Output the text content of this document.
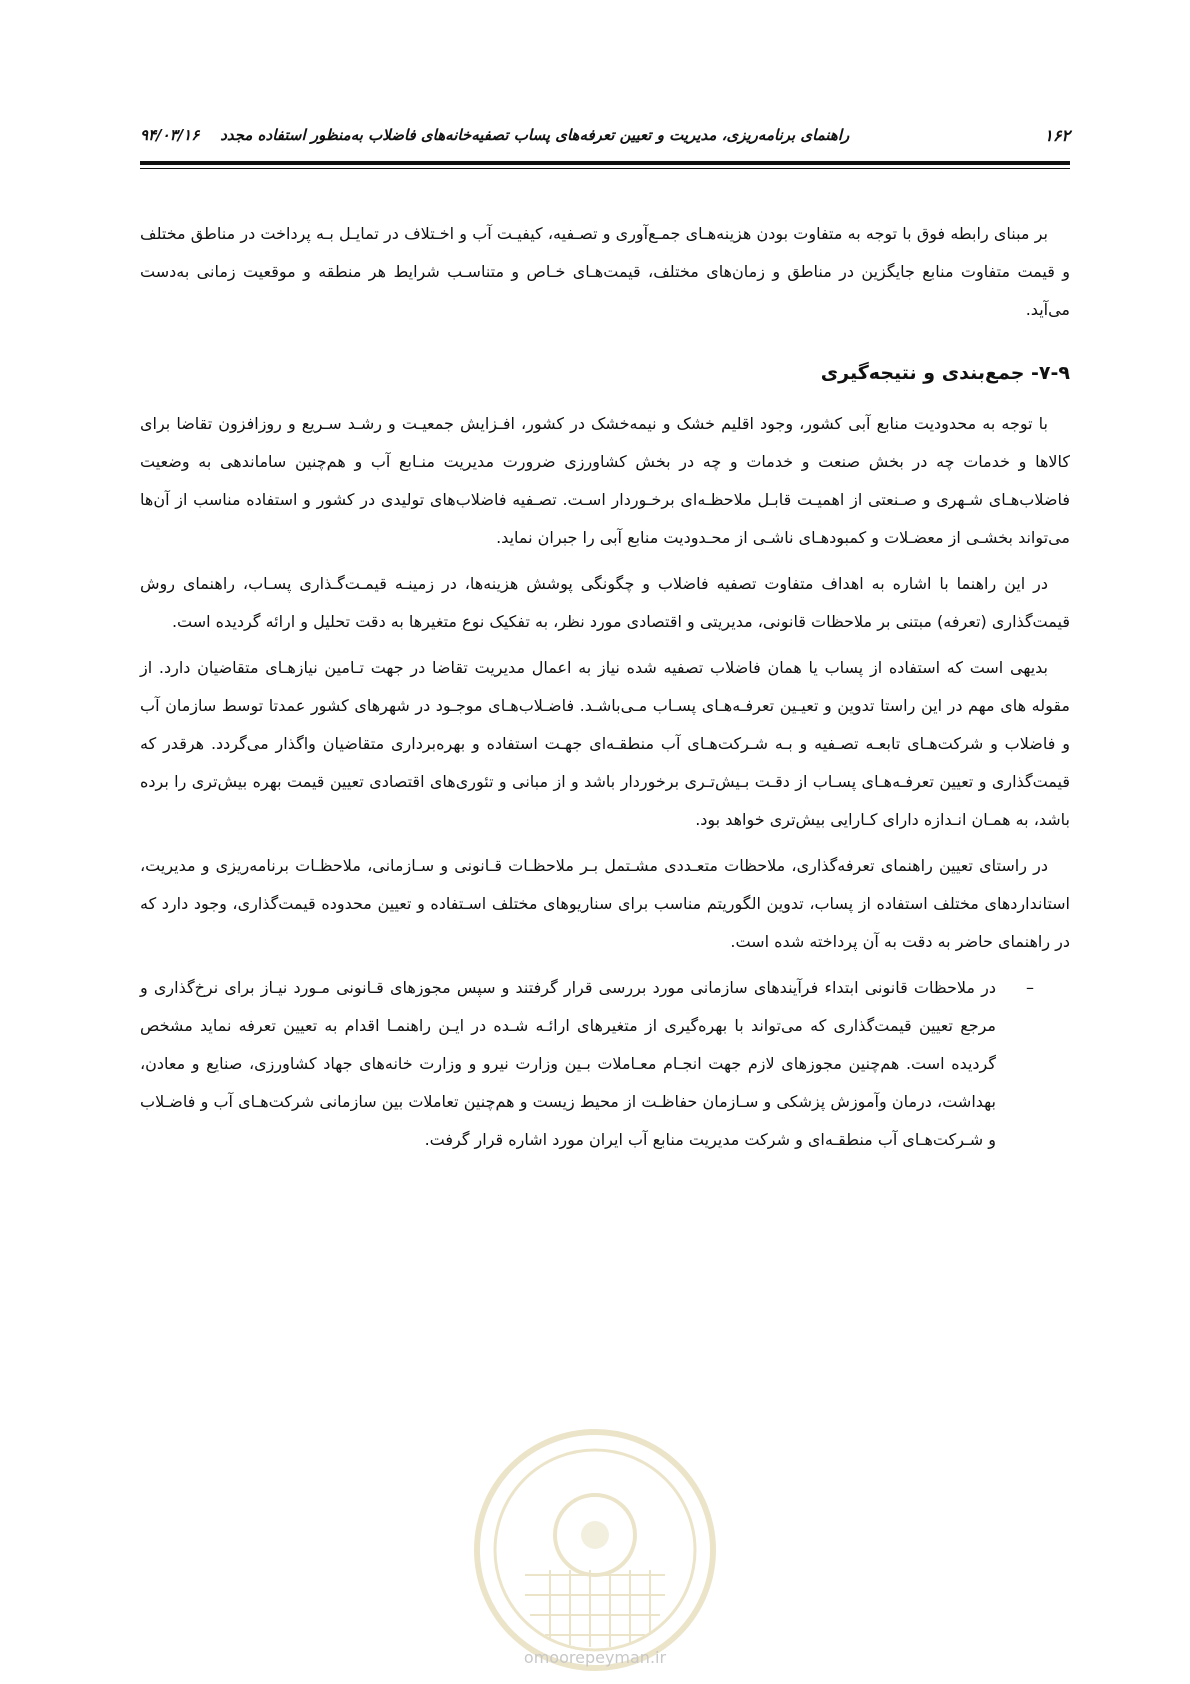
۱۶۲
راهنمای برنامه‌ریزی، مدیریت و تعیین تعرفه‌های پساب تصفیه‌خانه‌های فاضلاب به‌منظور استفاده مجدد    ۹۴/۰۳/۱۶

بر مبنای رابطه فوق با توجه به متفاوت بودن هزینه‌هـای جمـع‌آوری و تصـفیه، کیفیـت آب و اخـتلاف در تمایـل بـه پرداخت در مناطق مختلف و قیمت متفاوت منابع جایگزین در مناطق و زمان‌های مختلف، قیمت‌هـای خـاص و متناسـب شرایط هر منطقه و موقعیت زمانی به‌دست می‌آید.

۷-۹- جمع‌بندی و نتیجه‌گیری

با توجه به محدودیت منابع آبی کشور، وجود اقلیم خشک و نیمه‌خشک در کشور، افـزایش جمعیـت و رشـد سـریع و روزافزون تقاضا برای کالاها و خدمات چه در بخش صنعت و خدمات و چه در بخش کشاورزی ضرورت مدیریت منـابع آب و هم‌چنین ساماندهی به وضعیت فاضلاب‌هـای شـهری و صـنعتی از اهمیـت قابـل ملاحظـه‌ای برخـوردار اسـت. تصـفیه فاضلاب‌های تولیدی در کشور و استفاده مناسب از آن‌ها می‌تواند بخشـی از معضـلات و کمبودهـای ناشـی از محـدودیت منابع آبی را جبران نماید.

در این راهنما با اشاره به اهداف متفاوت تصفیه فاضلاب و چگونگی پوشش هزینه‌ها، در زمینـه قیمـت‌گـذاری پسـاب، راهنمای روش قیمت‌گذاری (تعرفه) مبتنی بر ملاحظات قانونی، مدیریتی و اقتصادی مورد نظر، به تفکیک نوع متغیرها به دقت تحلیل و ارائه گردیده است.

بدیهی است که استفاده از پساب یا همان فاضلاب تصفیه شده نیاز به اعمال مدیریت تقاضا در جهت تـامین نیازهـای متقاضیان دارد. از مقوله های مهم در این راستا تدوین و تعیـین تعرفـه‌هـای پسـاب مـی‌باشـد. فاضـلاب‌هـای موجـود در شهرهای کشور عمدتا توسط سازمان آب و فاضلاب و شرکت‌هـای تابعـه تصـفیه و بـه شـرکت‌هـای آب منطقـه‌ای جهـت استفاده و بهره‌برداری متقاضیان واگذار می‌گردد. هرقدر که قیمت‌گذاری و تعیین تعرفـه‌هـای پسـاب از دقـت بـیش‌تـری برخوردار باشد و از مبانی و تئوری‌های اقتصادی تعیین قیمت بهره بیش‌تری را برده باشد، به همـان انـدازه دارای کـارایی بیش‌تری خواهد بود.

در راستای تعیین راهنمای تعرفه‌گذاری، ملاحظات متعـددی مشـتمل بـر ملاحظـات قـانونی و سـازمانی، ملاحظـات برنامه‌ریزی و مدیریت، استانداردهای مختلف استفاده از پساب، تدوین الگوریتم مناسب برای سناریوهای مختلف اسـتفاده و تعیین محدوده قیمت‌گذاری، وجود دارد که در راهنمای حاضر به دقت به آن پرداخته شده است.

–
در ملاحظات قانونی ابتداء فرآیندهای سازمانی مورد بررسی قرار گرفتند و سپس مجوزهای قـانونی مـورد نیـاز برای نرخ‌گذاری و مرجع تعیین قیمت‌گذاری که می‌تواند با بهره‌گیری از متغیرهای ارائـه شـده در ایـن راهنمـا اقدام به تعیین تعرفه نماید مشخص گردیده است. هم‌چنین مجوزهای لازم جهت انجـام معـاملات بـین وزارت نیرو و وزارت خانه‌های جهاد کشاورزی، صنایع و معادن، بهداشت، درمان وآموزش پزشکی و سـازمان حفاظـت از محیط زیست و هم‌چنین تعاملات بین سازمانی شرکت‌هـای آب و فاضـلاب و شـرکت‌هـای آب منطقـه‌ای و شرکت مدیریت منابع آب ایران مورد اشاره قرار گرفت.
omoorepeyman.ir
